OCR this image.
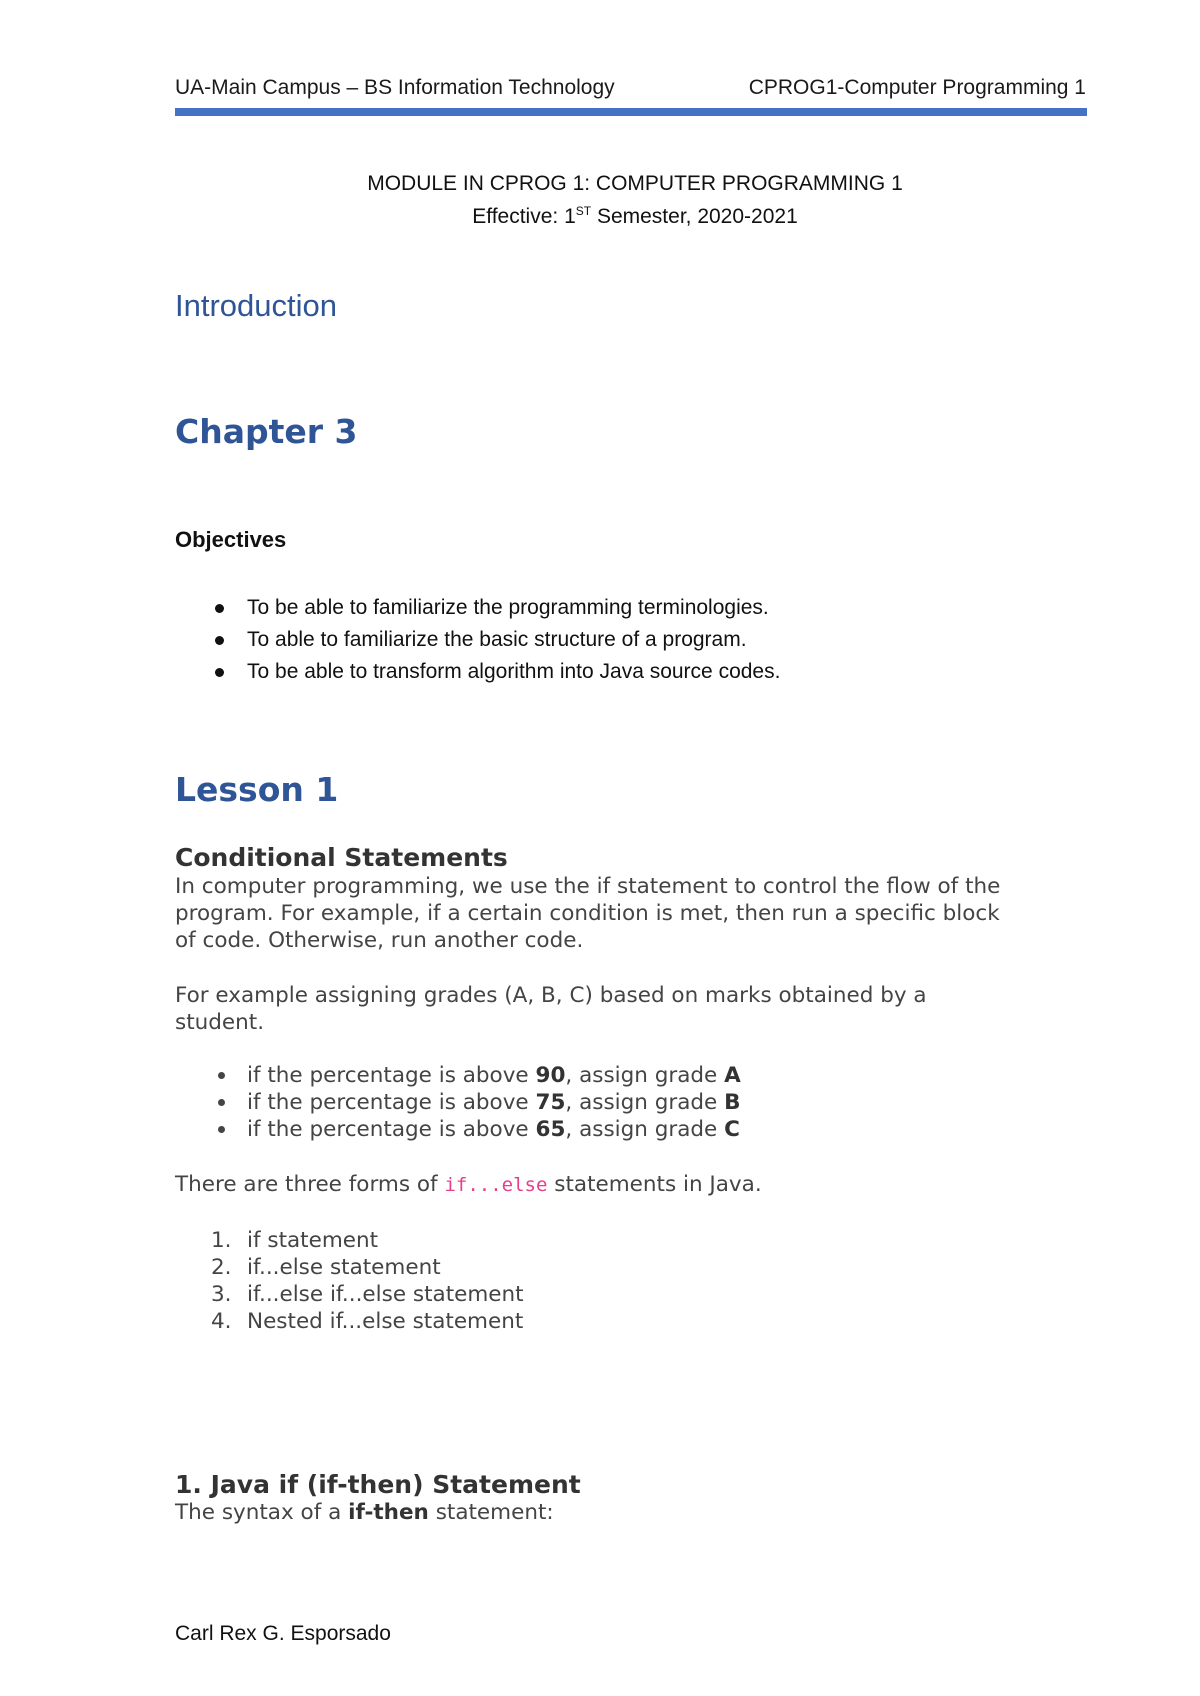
UA-Main Campus – BS Information Technology	CPROG1-Computer Programming 1
MODULE IN CPROG 1: COMPUTER PROGRAMMING 1
Effective: 1ST Semester, 2020-2021
Introduction
Chapter 3
Objectives
To be able to familiarize the programming terminologies.
To able to familiarize the basic structure of a program.
To be able to transform algorithm into Java source codes.
Lesson 1
Conditional Statements
In computer programming, we use the if statement to control the flow of the
program. For example, if a certain condition is met, then run a specific block
of code. Otherwise, run another code.
For example assigning grades (A, B, C) based on marks obtained by a
student.
if the percentage is above 90, assign grade A
if the percentage is above 75, assign grade B
if the percentage is above 65, assign grade C
There are three forms of if...else statements in Java.
1. if statement
2. if...else statement
3. if...else if...else statement
4. Nested if...else statement
1. Java if (if-then) Statement
The syntax of a if-then statement:
Carl Rex G. Esporsado
